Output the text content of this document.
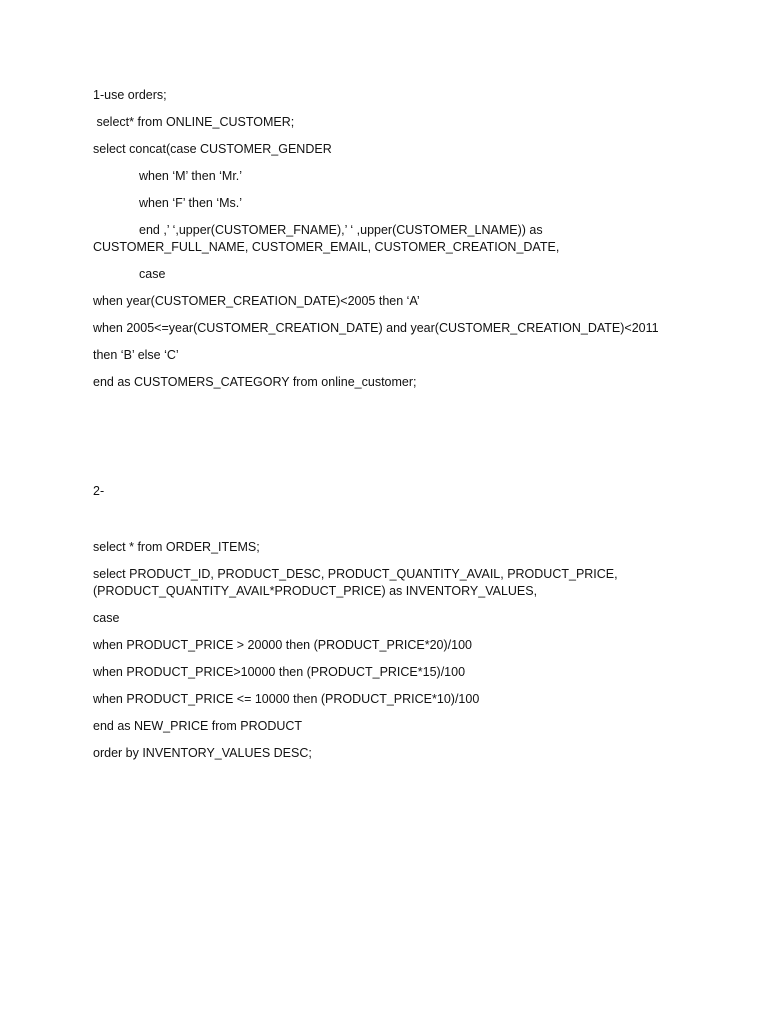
1-use orders;
select* from ONLINE_CUSTOMER;
select concat(case CUSTOMER_GENDER
when ‘M’ then ‘Mr.’
when ‘F’ then ‘Ms.’
end ,’ ‘,upper(CUSTOMER_FNAME),’ ‘ ,upper(CUSTOMER_LNAME)) as
CUSTOMER_FULL_NAME, CUSTOMER_EMAIL, CUSTOMER_CREATION_DATE,
case
when year(CUSTOMER_CREATION_DATE)<2005 then ‘A’
when 2005<=year(CUSTOMER_CREATION_DATE) and year(CUSTOMER_CREATION_DATE)<2011
then ‘B’ else ‘C’
end as CUSTOMERS_CATEGORY from online_customer;
2-
select * from ORDER_ITEMS;
select PRODUCT_ID, PRODUCT_DESC, PRODUCT_QUANTITY_AVAIL, PRODUCT_PRICE,
(PRODUCT_QUANTITY_AVAIL*PRODUCT_PRICE) as INVENTORY_VALUES,
case
when PRODUCT_PRICE > 20000 then (PRODUCT_PRICE*20)/100
when PRODUCT_PRICE>10000 then (PRODUCT_PRICE*15)/100
when PRODUCT_PRICE <= 10000 then (PRODUCT_PRICE*10)/100
end as NEW_PRICE from PRODUCT
order by INVENTORY_VALUES DESC;
